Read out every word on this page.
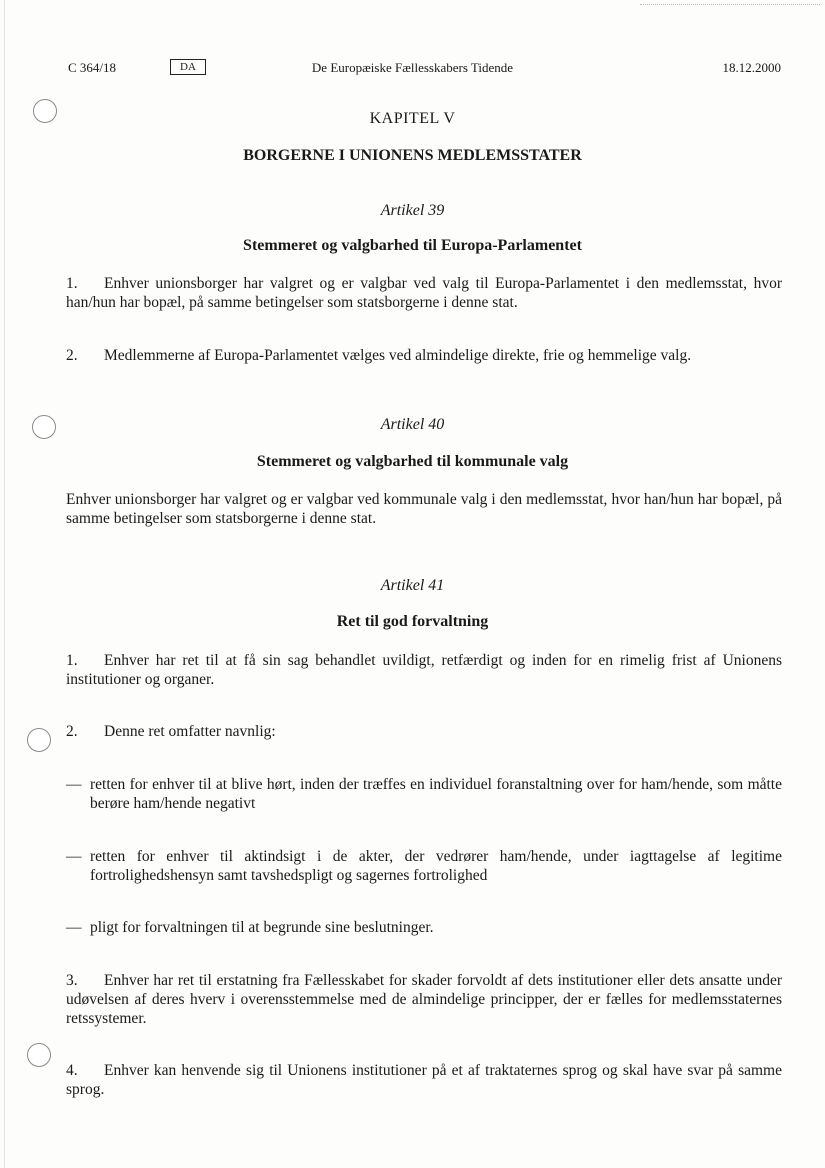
C 364/18	DA	De Europæiske Fællesskabers Tidende	18.12.2000
KAPITEL V
BORGERNE I UNIONENS MEDLEMSSTATER
Artikel 39
Stemmeret og valgbarhed til Europa-Parlamentet
1. Enhver unionsborger har valgret og er valgbar ved valg til Europa-Parlamentet i den medlemsstat, hvor han/hun har bopæl, på samme betingelser som statsborgerne i denne stat.
2. Medlemmerne af Europa-Parlamentet vælges ved almindelige direkte, frie og hemmelige valg.
Artikel 40
Stemmeret og valgbarhed til kommunale valg
Enhver unionsborger har valgret og er valgbar ved kommunale valg i den medlemsstat, hvor han/hun har bopæl, på samme betingelser som statsborgerne i denne stat.
Artikel 41
Ret til god forvaltning
1. Enhver har ret til at få sin sag behandlet uvildigt, retfærdigt og inden for en rimelig frist af Unionens institutioner og organer.
2. Denne ret omfatter navnlig:
— retten for enhver til at blive hørt, inden der træffes en individuel foranstaltning over for ham/hende, som måtte berøre ham/hende negativt
— retten for enhver til aktindsigt i de akter, der vedrører ham/hende, under iagttagelse af legitime fortrolighedshensyn samt tavshedspligt og sagernes fortrolighed
— pligt for forvaltningen til at begrunde sine beslutninger.
3. Enhver har ret til erstatning fra Fællesskabet for skader forvoldt af dets institutioner eller dets ansatte under udøvelsen af deres hverv i overensstemmelse med de almindelige principper, der er fælles for medlemsstaternes retssystemer.
4. Enhver kan henvende sig til Unionens institutioner på et af traktaternes sprog og skal have svar på samme sprog.
